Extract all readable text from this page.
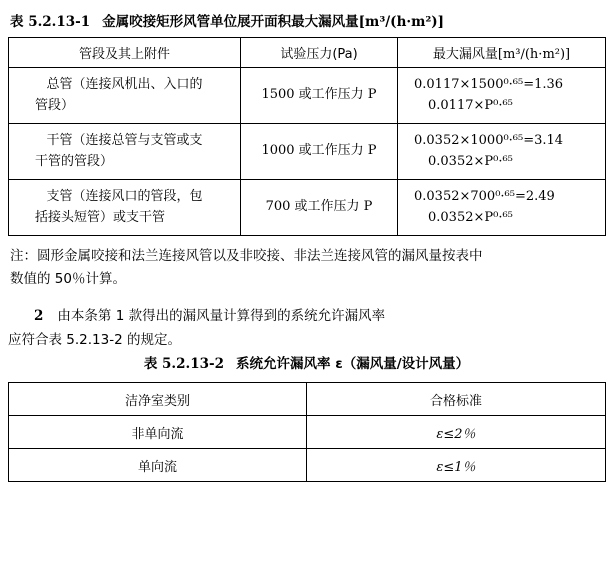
表 5.2.13-1 金属咬接矩形风管单位展开面积最大漏风量[m³/(h·m²)]
管段及其上附件	试验压力(Pa)	最大漏风量[m³/(h·m²)]

总管（连接风机出、入口的
管段）	1500 或工作压力 P	0.0117×1500⁰·⁶⁵=1.36
0.0117×P⁰·⁶⁵

干管（连接总管与支管或支
干管的管段）	1000 或工作压力 P	0.0352×1000⁰·⁶⁵=3.14
0.0352×P⁰·⁶⁵

支管（连接风口的管段，包
括接头短管）或支干管	700 或工作压力 P	0.0352×700⁰·⁶⁵=2.49
0.0352×P⁰·⁶⁵
注：圆形金属咬接和法兰连接风管以及非咬接、非法兰连接风管的漏风量按表中
数值的 50％计算。
2 由本条第 1 款得出的漏风量计算得到的系统允许漏风率
应符合表 5.2.13-2 的规定。
表 5.2.13-2 系统允许漏风率 ε（漏风量/设计风量）
洁净室类别	合格标准
非单向流	ε≤2％
单向流	ε≤1％
